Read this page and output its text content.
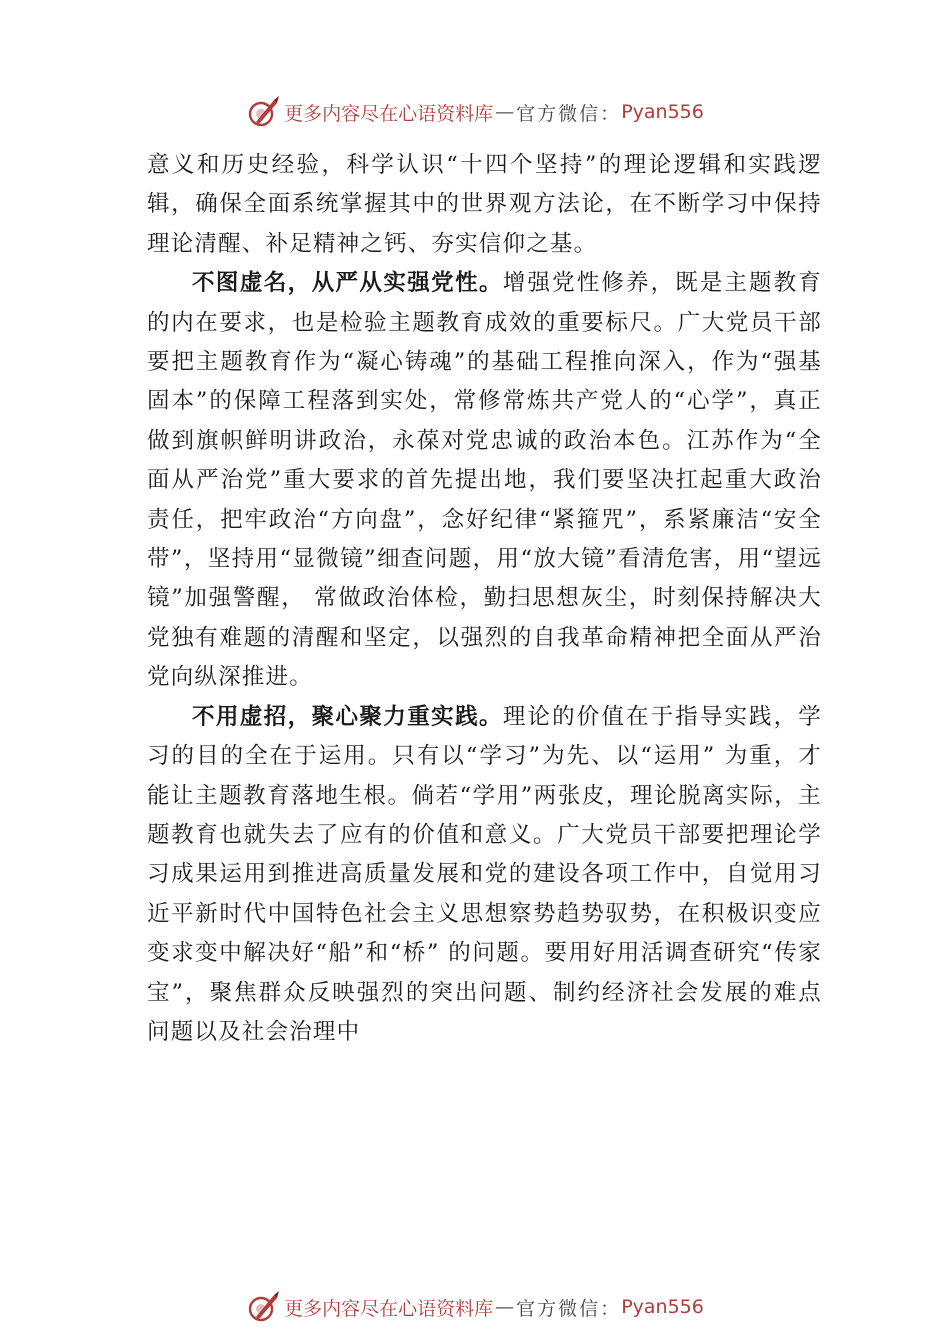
更多内容尽在心语资料库 — 官方微信： Pyan556

意义和历史经验，科学认识“十四个坚持”的理论逻辑和实践逻辑，确保全面系统掌握其中的世界观方法论，在不断学习中保持理论清醒、补足精神之钙、夯实信仰之基。

不图虚名，从严从实强党性。增强党性修养，既是主题教育的内在要求，也是检验主题教育成效的重要标尺。广大党员干部要把主题教育作为“凝心铸魂”的基础工程推向深入，作为“强基固本”的保障工程落到实处，常修常炼共产党人的“心学”，真正做到旗帜鲜明讲政治，永葆对党忠诚的政治本色。江苏作为“全面从严治党”重大要求的首先提出地，我们要坚决扛起重大政治责任，把牢政治“方向盘”，念好纪律“紧箍咒”，系紧廉洁“安全带”，坚持用“显微镜”细查问题，用“放大镜”看清危害，用“望远镜”加强警醒， 常做政治体检，勤扫思想灰尘，时刻保持解决大党独有难题的清醒和坚定，以强烈的自我革命精神把全面从严治党向纵深推进。

不用虚招，聚心聚力重实践。理论的价值在于指导实践，学习的目的全在于运用。只有以“学习”为先、以“运用” 为重，才能让主题教育落地生根。倘若“学用”两张皮，理论脱离实际，主题教育也就失去了应有的价值和意义。广大党员干部要把理论学习成果运用到推进高质量发展和党的建设各项工作中，自觉用习近平新时代中国特色社会主义思想察势趋势驭势，在积极识变应变求变中解决好“船”和“桥” 的问题。要用好用活调查研究“传家宝”，聚焦群众反映强烈的突出问题、制约经济社会发展的难点问题以及社会治理中

更多内容尽在心语资料库 — 官方微信： Pyan556
